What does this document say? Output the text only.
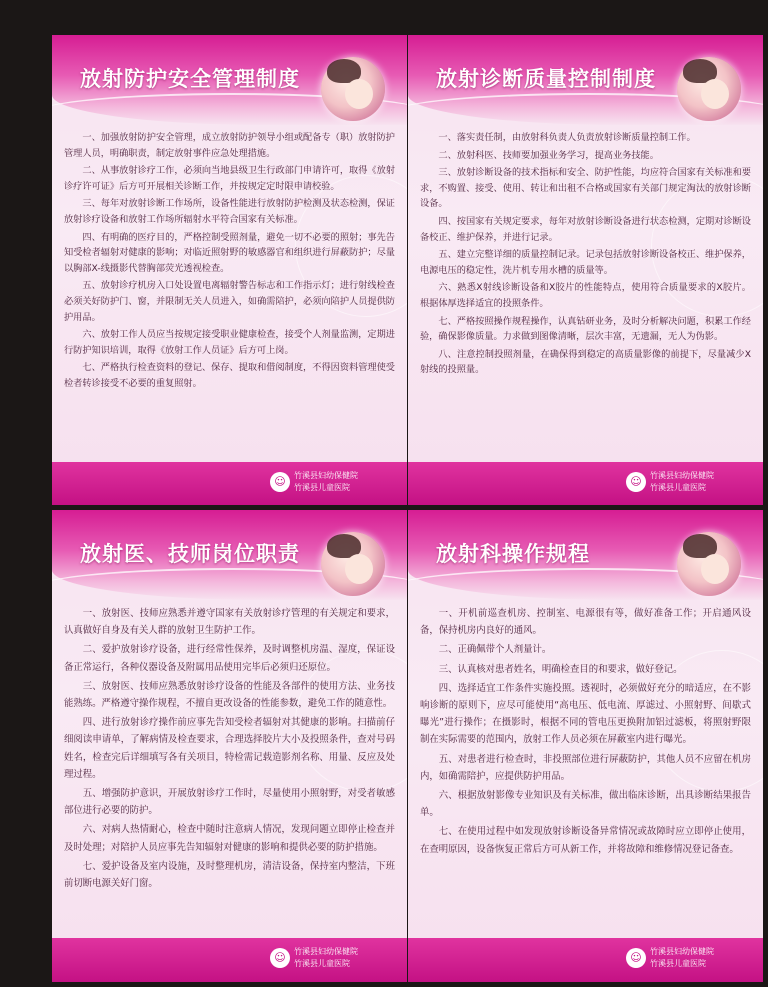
放射防护安全管理制度

一、加强放射防护安全管理，成立放射防护领导小组或配备专（职）放射防护管理人员，明确职责，制定放射事件应急处理措施。

二、从事放射诊疗工作，必须向当地县级卫生行政部门申请许可，取得《放射诊疗许可证》后方可开展相关诊断工作，并按规定定时限申请校验。

三、每年对放射诊断工作场所，设备性能进行放射防护检测及状态检测，保证放射诊疗设备和放射工作场所辐射水平符合国家有关标准。

四、有明确的医疗目的，严格控制受照剂量，避免一切不必要的照射；事先告知受检者辐射对健康的影响；对临近照射野的敏感器官和组织进行屏蔽防护；尽量以胸部X-线摄影代替胸部荧光透视检查。

五、放射诊疗机房入口处设置电离辐射警告标志和工作指示灯；进行射线检查必须关好防护门、窗，并限制无关人员进入，如确需陪护，必须向陪护人员提供防护用品。

六、放射工作人员应当按规定接受职业健康检查，接受个人剂量监测，定期进行防护知识培训，取得《放射工作人员证》后方可上岗。

七、严格执行检查资料的登记、保存、提取和借阅制度，不得因资料管理使受检者转诊接受不必要的重复照射。

☺	竹溪县妇幼保健院
竹溪县儿童医院
放射诊断质量控制制度

一、落实责任制，由放射科负责人负责放射诊断质量控制工作。

二、放射科医、技师要加强业务学习，提高业务技能。

三、放射诊断设备的技术指标和安全、防护性能，均应符合国家有关标准和要求，不购置、接受、使用、转让和出租不合格或国家有关部门规定淘汰的放射诊断设备。

四、按国家有关规定要求，每年对放射诊断设备进行状态检测，定期对诊断设备校正、维护保养，并进行记录。

五、建立完整详细的质量控制记录。记录包括放射诊断设备校正、维护保养，电源电压的稳定性，洗片机专用水槽的质量等。

六、熟悉X射线诊断设备和X胶片的性能特点，使用符合质量要求的X胶片。根据体厚选择适宜的投照条件。

七、严格按照操作规程操作，认真钻研业务，及时分析解决问题，积累工作经验，确保影像质量。力求做到图像清晰，层次丰富，无遗漏，无人为伪影。

八、注意控制投照剂量，在确保得到稳定的高质量影像的前提下，尽量减少X射线的投照量。

☺	竹溪县妇幼保健院
竹溪县儿童医院
放射医、技师岗位职责

一、放射医、技师应熟悉并遵守国家有关放射诊疗管理的有关规定和要求，认真做好自身及有关人群的放射卫生防护工作。

二、爱护放射诊疗设备，进行经常性保养，及时调整机房温、湿度，保证设备正常运行，各种仪器设备及附属用品使用完毕后必须归还原位。

三、放射医、技师应熟悉放射诊疗设备的性能及各部件的使用方法、业务技能熟练。严格遵守操作规程，不擅自更改设备的性能参数，避免工作的随意性。

四、进行放射诊疗操作前应事先告知受检者辐射对其健康的影响。扫描前仔细阅读申请单，了解病情及检查要求，合理选择胶片大小及投照条件，查对号码姓名，检查完后详细填写各有关项目，特检需记载造影剂名称、用量、反应及处理过程。

五、增强防护意识，开展放射诊疗工作时，尽量使用小照射野，对受者敏感部位进行必要的防护。

六、对病人热情耐心，检查中随时注意病人情况，发现问题立即停止检查并及时处理；对陪护人员应事先告知辐射对健康的影响和提供必要的防护措施。

七、爱护设备及室内设施，及时整理机房，清洁设备，保持室内整洁，下班前切断电源关好门窗。

☺	竹溪县妇幼保健院
竹溪县儿童医院
放射科操作规程

一、开机前巡查机房、控制室、电源很有等，做好准备工作；开启通风设备，保持机房内良好的通风。

二、正确佩带个人剂量计。

三、认真核对患者姓名，明确检查目的和要求，做好登记。

四、选择适宜工作条件实施投照。透视时，必须做好充分的暗适应，在不影响诊断的原则下，应尽可能使用“高电压、低电流、厚滤过、小照射野、间歇式曝光”进行操作；在摄影时，根据不同的管电压更换附加铝过滤板，将照射野限制在实际需要的范围内，放射工作人员必须在屏蔽室内进行曝光。

五、对患者进行检查时，非投照部位进行屏蔽防护，其他人员不应留在机房内，如确需陪护，应提供防护用品。

六、根据放射影像专业知识及有关标准，做出临床诊断，出具诊断结果报告单。

七、在使用过程中如发现放射诊断设备异常情况或故障时应立即停止使用，在查明原因，设备恢复正常后方可从新工作，并将故障和维修情况登记备查。

☺	竹溪县妇幼保健院
竹溪县儿童医院
